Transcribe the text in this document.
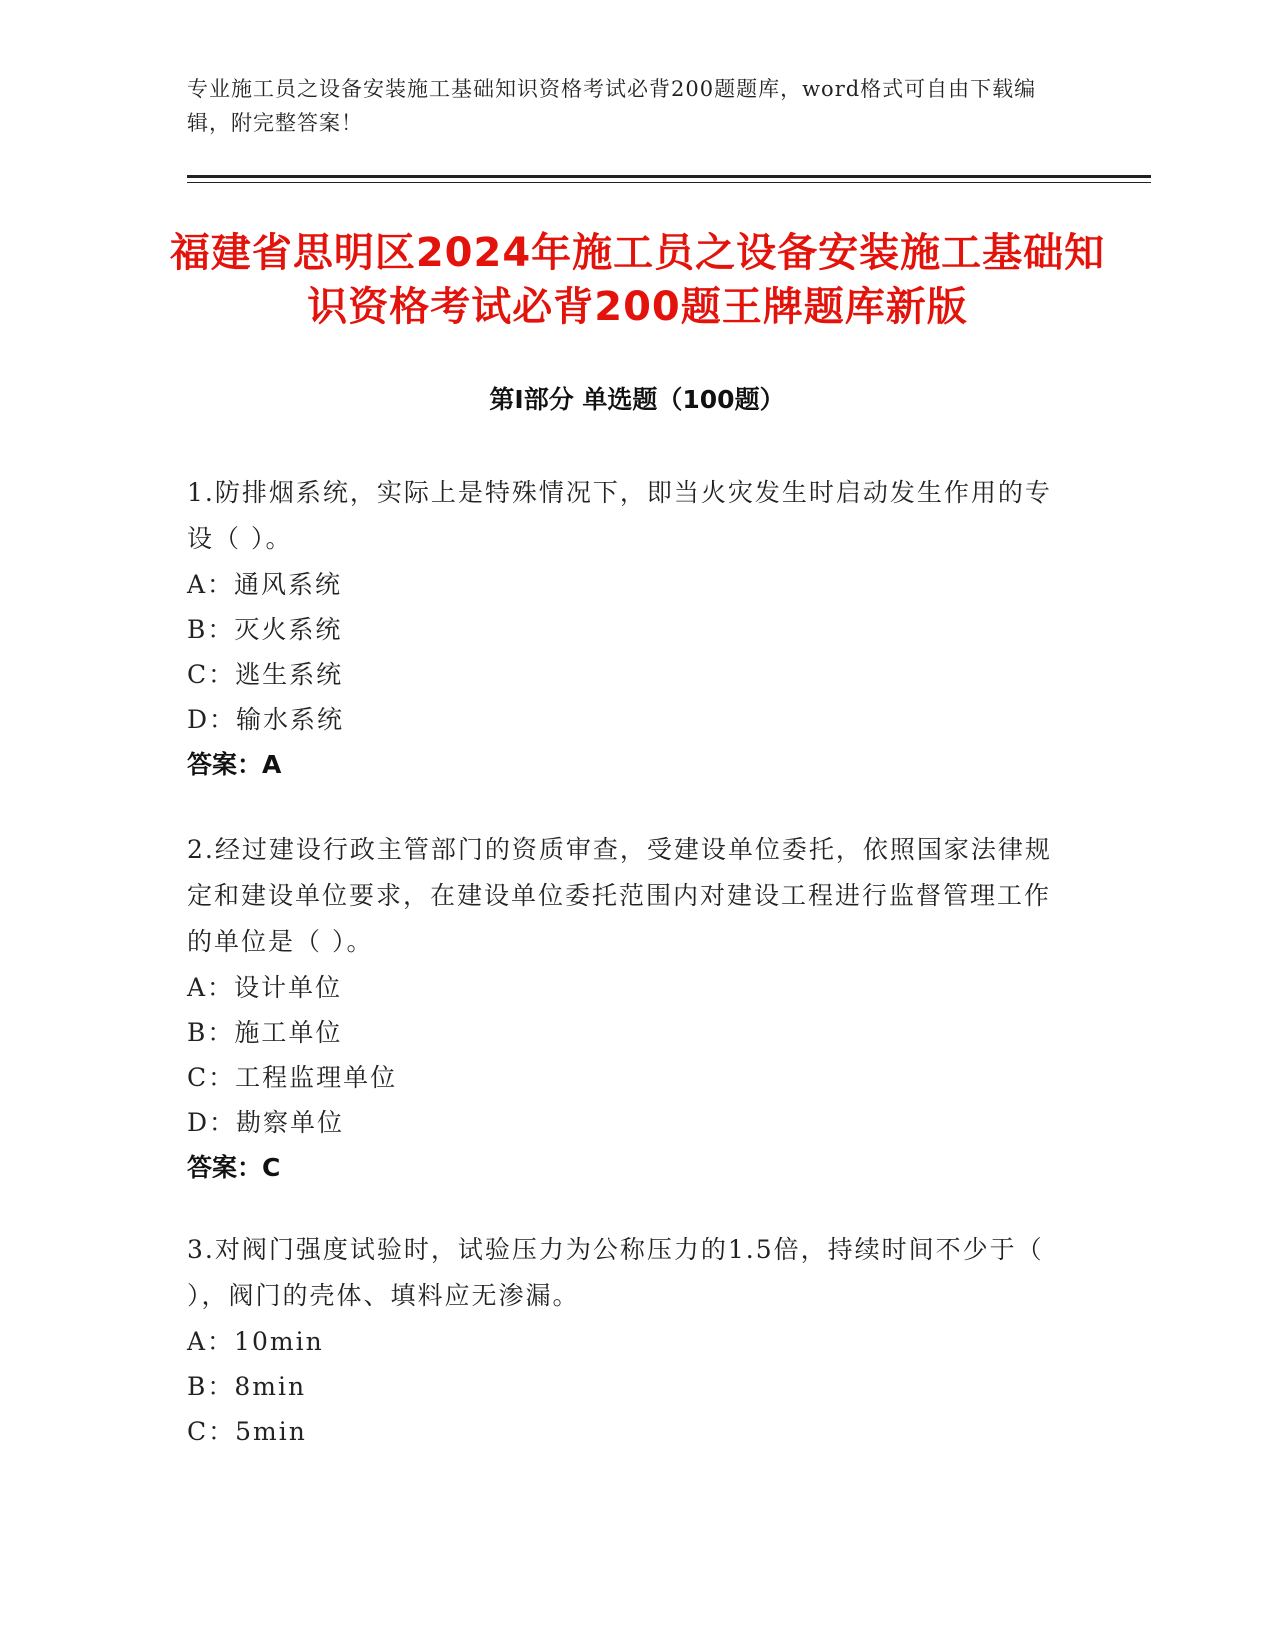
专业施工员之设备安装施工基础知识资格考试必背200题题库，word格式可自由下载编辑，附完整答案！
福建省思明区2024年施工员之设备安装施工基础知识资格考试必背200题王牌题库新版
第Ⅰ部分 单选题（100题）
1.防排烟系统，实际上是特殊情况下，即当火灾发生时启动发生作用的专设（ ）。
A：通风系统
B：灭火系统
C：逃生系统
D：输水系统
答案：A
2.经过建设行政主管部门的资质审查，受建设单位委托，依照国家法律规定和建设单位要求，在建设单位委托范围内对建设工程进行监督管理工作的单位是（ ）。
A：设计单位
B：施工单位
C：工程监理单位
D：勘察单位
答案：C
3.对阀门强度试验时，试验压力为公称压力的1.5倍，持续时间不少于（ ），阀门的壳体、填料应无渗漏。
A：10min
B：8min
C：5min
